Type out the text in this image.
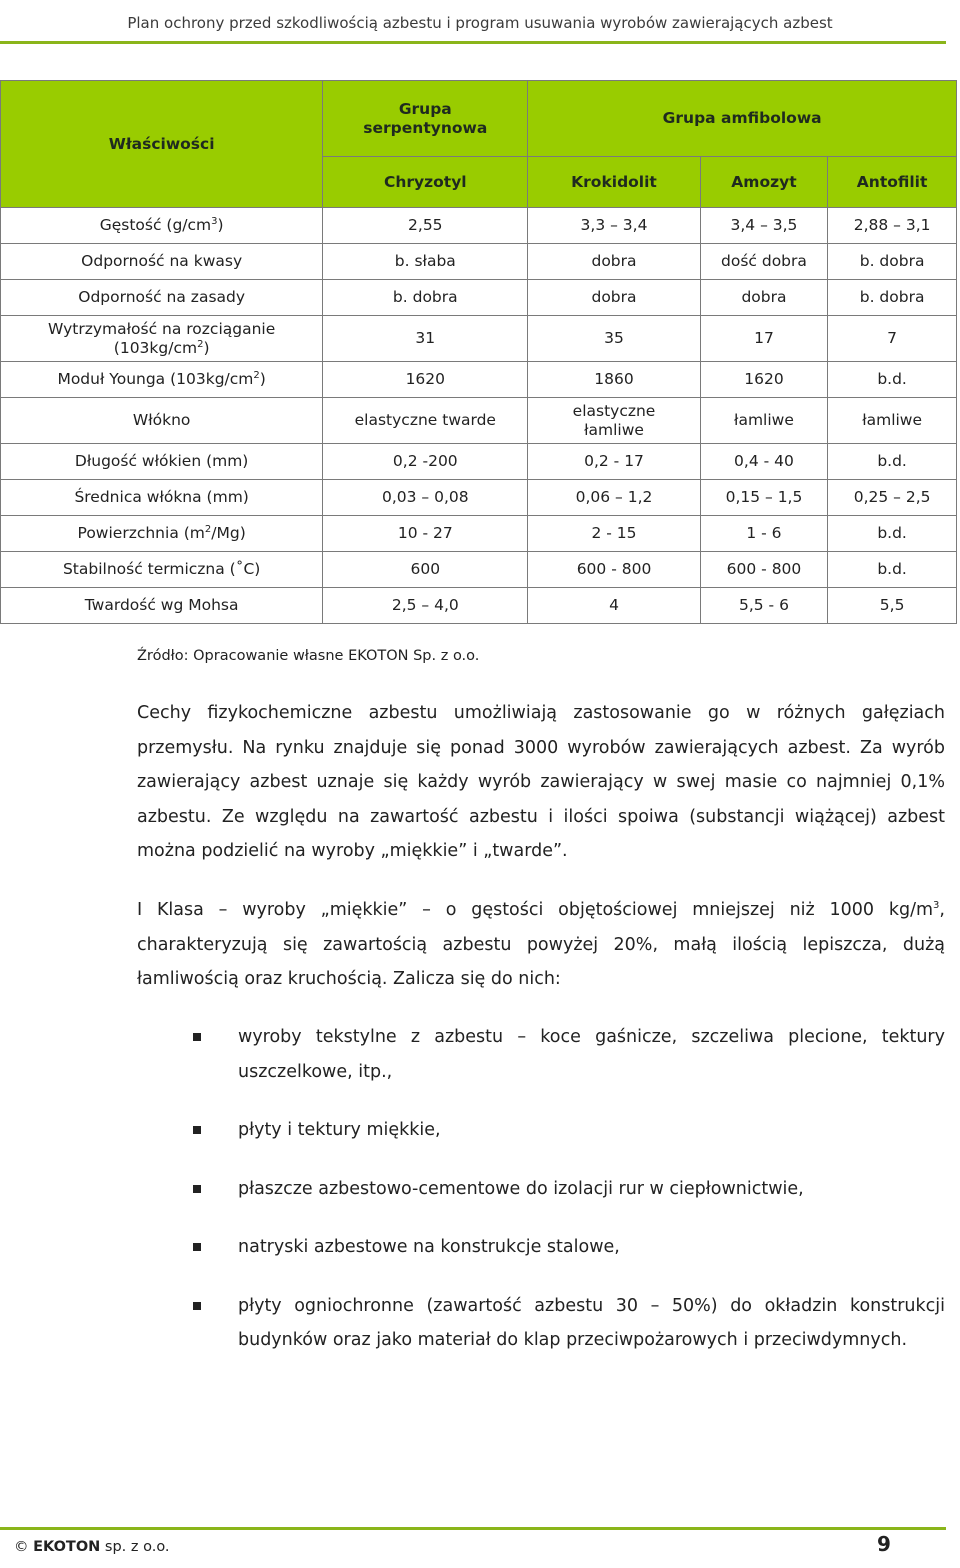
Plan ochrony przed szkodliwością azbestu i program usuwania wyrobów zawierających azbest
Właściwości	Grupa serpentynowa	Grupa amfibolowa		
	Chryzotyl	Krokidolit	Amozyt	Antofilit
Gęstość $(g/cm^3)$	2,55	3,3 – 3,4	3,4 – 3,5	2,88 – 3,1
Odporność na kwasy	b. słaba	dobra	dość dobra	b. dobra
Odporność na zasady	b. dobra	dobra	dobra	b. dobra
Wytrzymałość na rozciąganie $(103kg/cm^2)$	31	35	17	7
Moduł Younga $(103kg/cm^2)$	1620	1860	1620	b.d.
Włókno	elastyczne twarde	elastyczne łamliwe	łamliwe	łamliwe
Długość włókien (mm)	0,2 -200	0,2 - 17	0,4 - 40	b.d.
Średnica włókna (mm)	0,03 – 0,08	0,06 – 1,2	0,15 – 1,5	0,25 – 2,5
Powierzchnia $(m^2/Mg)$	10 - 27	2 - 15	1 - 6	b.d.
Stabilność termiczna (˚C)	600	600 - 800	600 - 800	b.d.
Twardość wg Mohsa	2,5 – 4,0	4	5,5 - 6	5,5
Źródło: Opracowanie własne EKOTON Sp. z o.o.

Cechy fizykochemiczne azbestu umożliwiają zastosowanie go w różnych gałęziach przemysłu. Na rynku znajduje się ponad 3000 wyrobów zawierających azbest. Za wyrób zawierający azbest uznaje się każdy wyrób zawierający w swej masie co najmniej 0,1% azbestu. Ze względu na zawartość azbestu i ilości spoiwa (substancji wiążącej) azbest można podzielić na wyroby „miękkie” i „twarde”.

I Klasa – wyroby „miękkie” – o gęstości objętościowej mniejszej niż 1000 $kg/m^3$, charakteryzują się zawartością azbestu powyżej 20%, małą ilością lepiszcza, dużą łamliwością oraz kruchością. Zalicza się do nich:

wyroby tekstylne z azbestu – koce gaśnicze, szczeliwa plecione, tektury uszczelkowe, itp.,
płyty i tektury miękkie,
płaszcze azbestowo-cementowe do izolacji rur w ciepłownictwie,
natryski azbestowe na konstrukcje stalowe,
płyty ogniochronne (zawartość azbestu 30 – 50%) do okładzin konstrukcji budynków oraz jako materiał do klap przeciwpożarowych i przeciwdymnych.
© EKOTON sp. z o.o.	9
